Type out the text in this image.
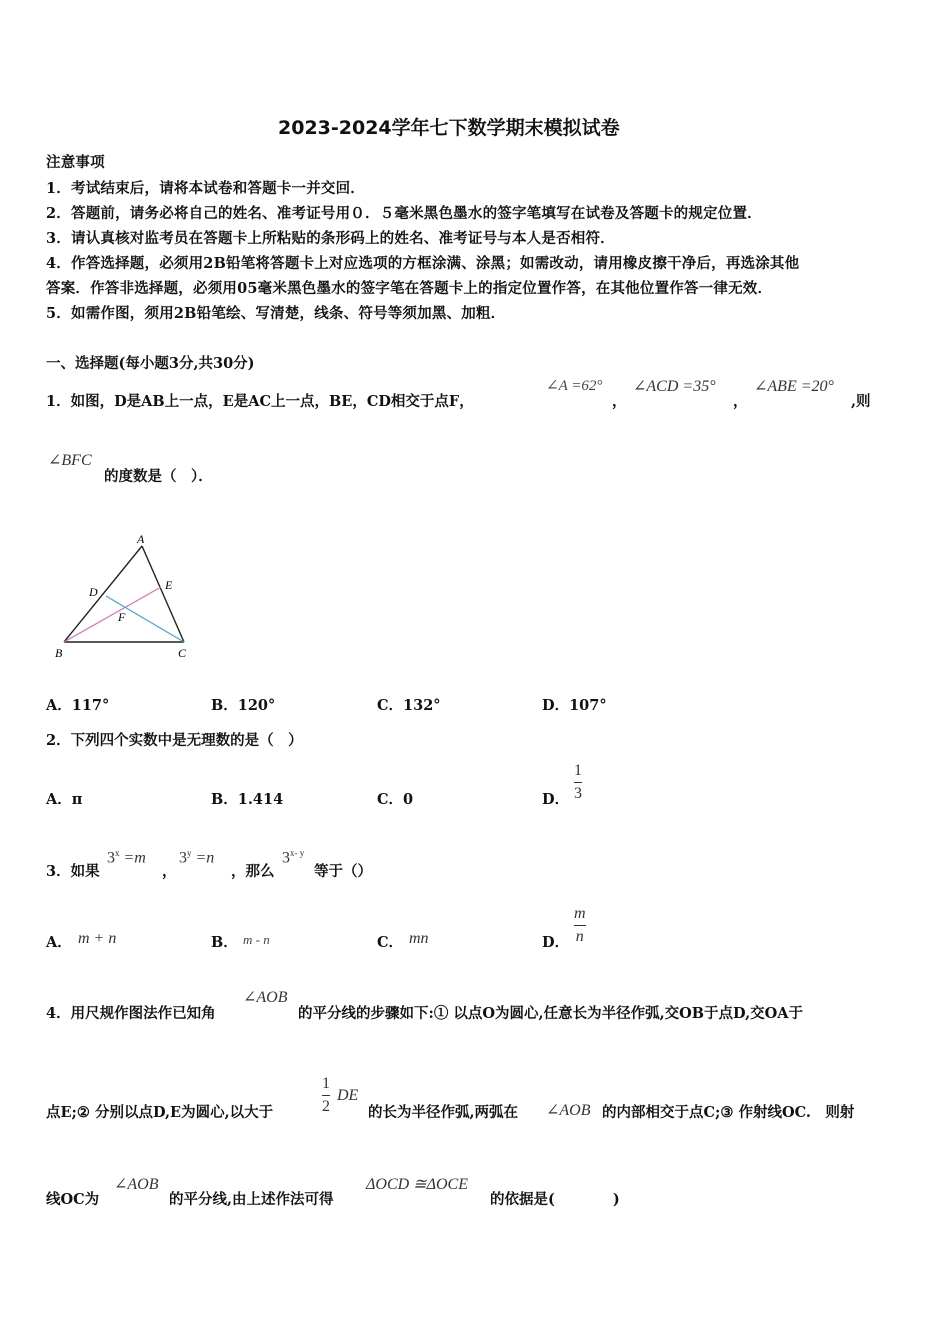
2023-2024学年七下数学期末模拟试卷
注意事项
1．考试结束后，请将本试卷和答题卡一并交回．
2．答题前，请务必将自己的姓名、准考证号用０．５毫米黑色墨水的签字笔填写在试卷及答题卡的规定位置．
3．请认真核对监考员在答题卡上所粘贴的条形码上的姓名、准考证号与本人是否相符．
4．作答选择题，必须用2B铅笔将答题卡上对应选项的方框涂满、涂黑；如需改动，请用橡皮擦干净后，再选涂其他
答案．作答非选择题，必须用05毫米黑色墨水的签字笔在答题卡上的指定位置作答，在其他位置作答一律无效．
5．如需作图，须用2B铅笔绘、写清楚，线条、符号等须加黑、加粗．
一、选择题(每小题3分,共30分)
1．如图，D是AB上一点，E是AC上一点，BE，CD相交于点F，
∠A =62°
，
∠ACD =35°
，
∠ABE =20°
,则
∠BFC
的度数是（　）．
A
B	C
D	E
F
A．117°	B．120°	C．132°	D．107°
2．下列四个实数中是无理数的是（　）
A．π	B．1.414	C．0	D．
1
3
3．如果
$3^x =m$
，
$3^y =n$
，那么
3$^{x- y}$
等于（）
A． m + n	B． m - n	C． mn	D．
m
n
4．用尺规作图法作已知角
∠AOB
的平分线的步骤如下:① 以点O为圆心,任意长为半径作弧,交OB于点D,交OA于
点E;② 分别以点D,E为圆心,以大于
1
2
DE
的长为半径作弧,两弧在 ∠AOB 的内部相交于点C;③ 作射线OC.　则射
线OC为
∠AOB
的平分线,由上述作法可得
ΔOCD ≅ΔOCE
的依据是(　　　　)
